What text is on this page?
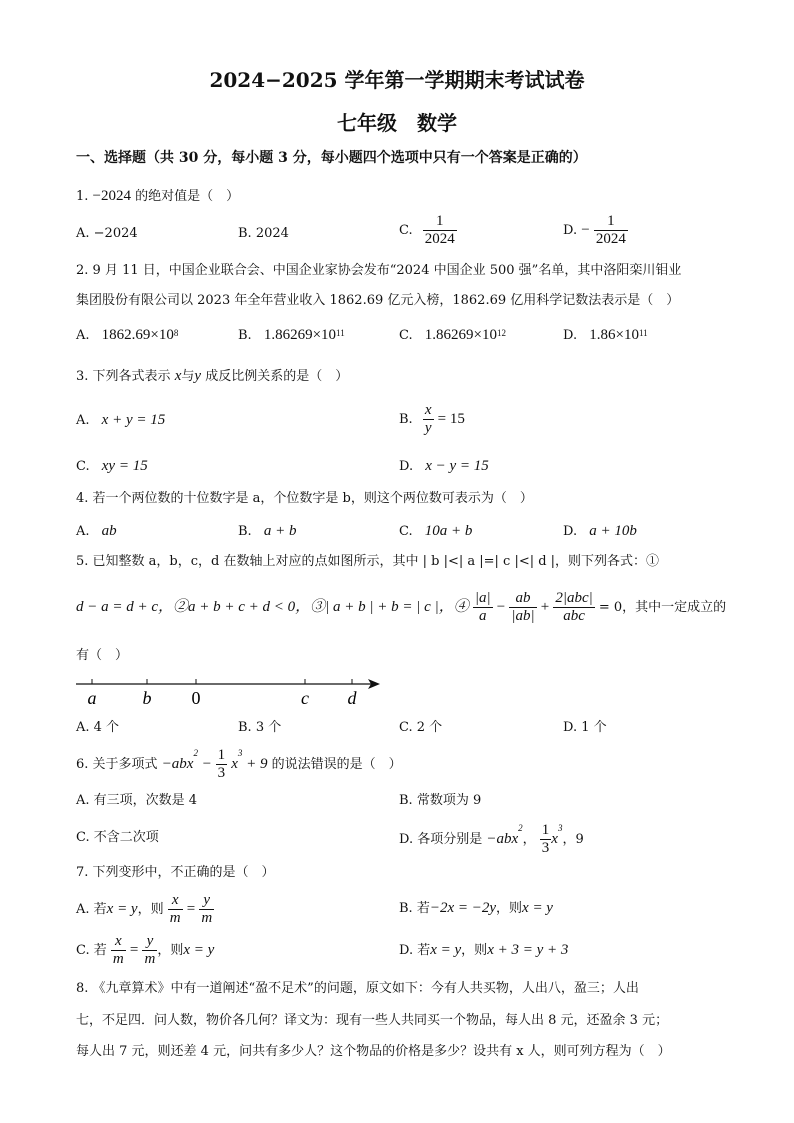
2024−2025 学年第一学期期末考试试卷
七年级　数学
一、选择题（共 30 分，每小题 3 分，每小题四个选项中只有一个答案是正确的）
1. −2024 的绝对值是（　）
A. −2024	B. 2024	C. $\frac{1}{2024}$	D. − $\frac{1}{2024}$
2. 9 月 11 日，中国企业联合会、中国企业家协会发布“2024 中国企业 500 强”名单，其中洛阳栾川钼业
集团股份有限公司以 2023 年全年营业收入 1862.69 亿元入榜，1862.69 亿用科学记数法表示是（　）
A. $1862.69\times 10^8$	B. $1.86269\times 10^{11}$	C. $1.86269\times 10^{12}$	D. $1.86\times 10^{11}$
3. 下列各式表示 x与y 成反比例关系的是（　）
A. x + y = 15	B. $\frac{x}{y} = 15$
C. xy = 15	D. x − y = 15
4. 若一个两位数的十位数字是 a，个位数字是 b，则这个两位数可表示为（　）
A. ab	B. a + b	C. 10a + b	D. a + 10b
5. 已知整数 a，b，c，d 在数轴上对应的点如图所示，其中 | b |<| a |=| c |<| d |，则下列各式：①
d − a = d + c，②a + b + c + d < 0，③| a + b | + b = | c |，④ $\frac{|a|}{a} - \frac{ab}{|ab|} + \frac{\text{2|abc|}}{\text{abc}} = 0$，其中一定成立的
有（　）
a	b 0	c d
A. 4 个	B. 3 个	C. 2 个	D. 1 个
6. 关于多项式 $-abx^2 - \frac{1}{3} x^3 + 9$ 的说法错误的是（　）
A. 有三项，次数是 4	B. 常数项为 9
C. 不含二次项	D. 各项分别是 −abx$^2$， $\frac{1}{3} x^3$，9
7. 下列变形中，不正确的是（　）
A. 若x = y，则 $\frac{x}{m} = \frac{y}{m}$	B. 若−2x = −2y，则x = y
C. 若 $\frac{x}{m} = \frac{y}{m}$ ，则x = y	D. 若x = y，则x + 3 = y + 3
8. 《九章算术》中有一道阐述“盈不足术”的问题，原文如下：今有人共买物，人出八，盈三；人出
七，不足四．问人数，物价各几何？译文为：现有一些人共同买一个物品，每人出 8 元，还盈余 3 元；
每人出 7 元，则还差 4 元，问共有多少人？这个物品的价格是多少？设共有 x 人，则可列方程为（　）
